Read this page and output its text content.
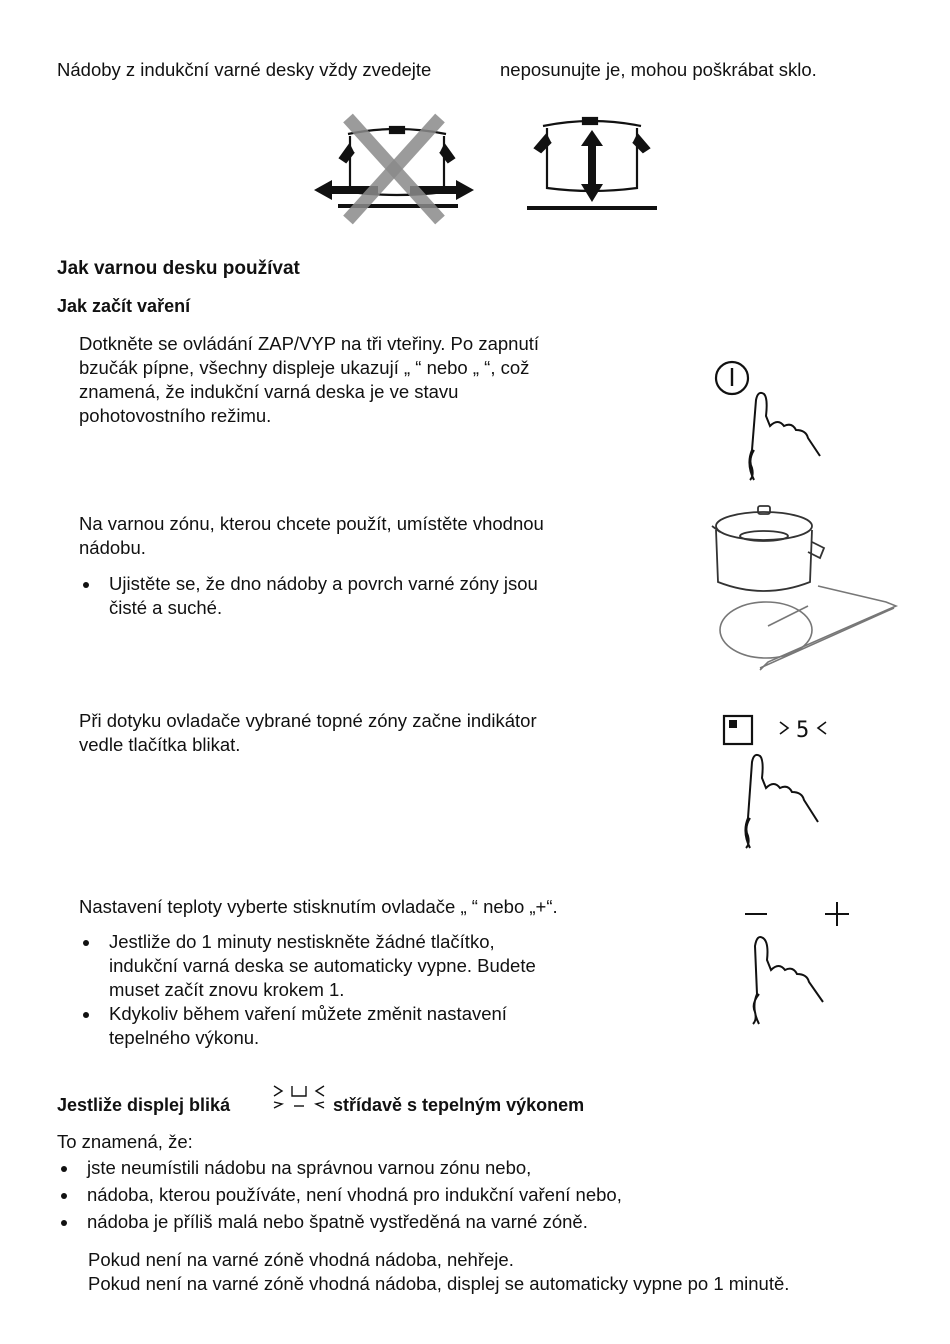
Nádoby z indukční varné desky vždy zvedejte	neposunujte je, mohou poškrábat sklo.
Jak varnou desku používat
Jak začít vaření
Dotkněte se ovládání ZAP/VYP na tři vteřiny. Po zapnutí
bzučák pípne, všechny displeje ukazují „ “ nebo „ “, což
znamená, že indukční varná deska je ve stavu
pohotovostního režimu.
Na varnou zónu, kterou chcete použít, umístěte vhodnou
nádobu.
Ujistěte se, že dno nádoby a povrch varné zóny jsou
čisté a suché.
Při dotyku ovladače vybrané topné zóny začne indikátor
vedle tlačítka blikat.
5
Nastavení teploty vyberte stisknutím ovladače „ “ nebo „+“.
Jestliže do 1 minuty nestiskněte žádné tlačítko,
indukční varná deska se automaticky vypne. Budete
muset začít znovu krokem 1.
Kdykoliv během vaření můžete změnit nastavení
tepelného výkonu.
Jestliže displej bliká	střídavě s tepelným výkonem
To znamená, že:
jste neumístili nádobu na správnou varnou zónu nebo,
nádoba, kterou používáte, není vhodná pro indukční vaření nebo,
nádoba je příliš malá nebo špatně vystředěná na varné zóně.
Pokud není na varné zóně vhodná nádoba, nehřeje.
Pokud není na varné zóně vhodná nádoba, displej se automaticky vypne po 1 minutě.
